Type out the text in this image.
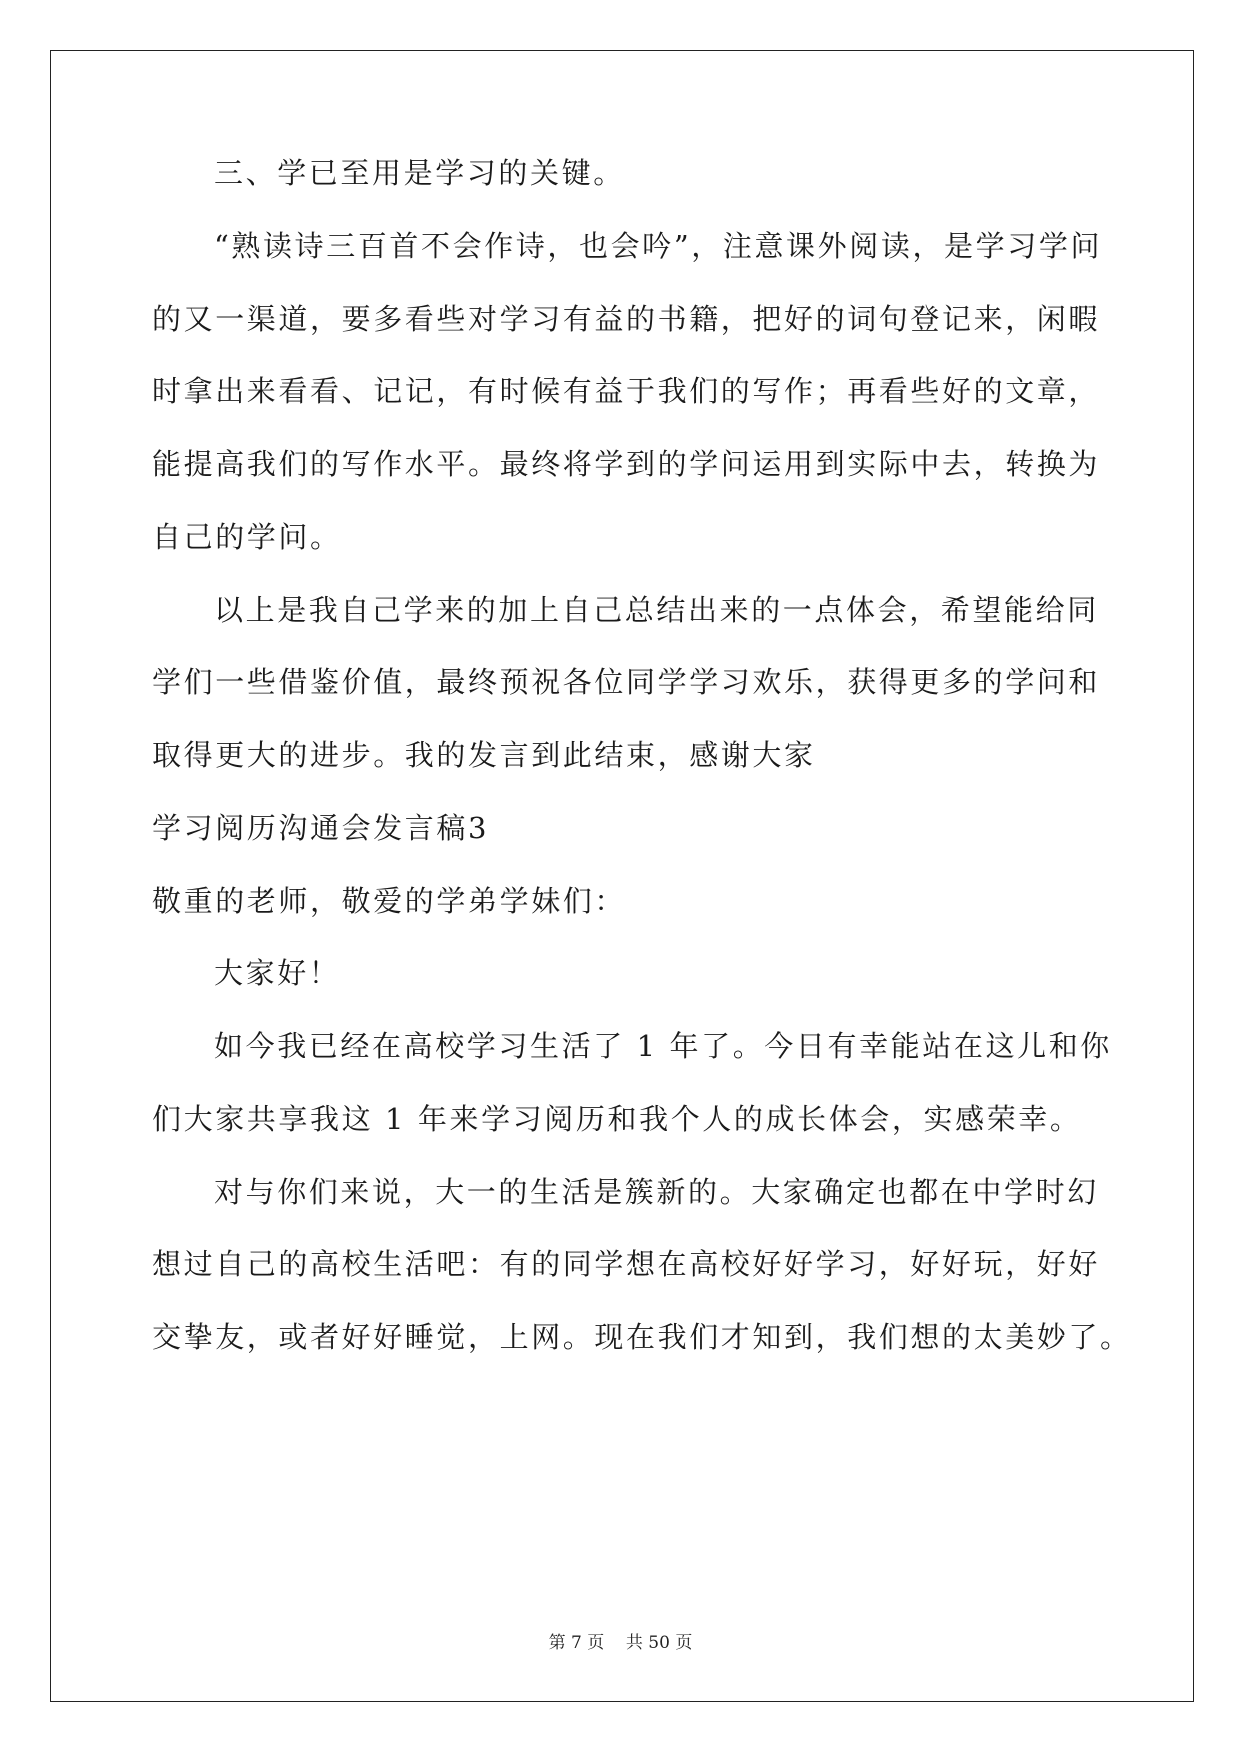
三、学已至用是学习的关键。
“熟读诗三百首不会作诗，也会吟”，注意课外阅读，是学习学问
的又一渠道，要多看些对学习有益的书籍，把好的词句登记来，闲暇
时拿出来看看、记记，有时候有益于我们的写作；再看些好的文章，
能提高我们的写作水平。最终将学到的学问运用到实际中去，转换为
自己的学问。
以上是我自己学来的加上自己总结出来的一点体会，希望能给同
学们一些借鉴价值，最终预祝各位同学学习欢乐，获得更多的学问和
取得更大的进步。我的发言到此结束，感谢大家
学习阅历沟通会发言稿3
敬重的老师，敬爱的学弟学妹们：
大家好！
如今我已经在高校学习生活了 1 年了。今日有幸能站在这儿和你
们大家共享我这 1 年来学习阅历和我个人的成长体会，实感荣幸。
对与你们来说，大一的生活是簇新的。大家确定也都在中学时幻
想过自己的高校生活吧：有的同学想在高校好好学习，好好玩，好好
交挚友，或者好好睡觉，上网。现在我们才知到，我们想的太美妙了。
第 7 页    共 50 页
